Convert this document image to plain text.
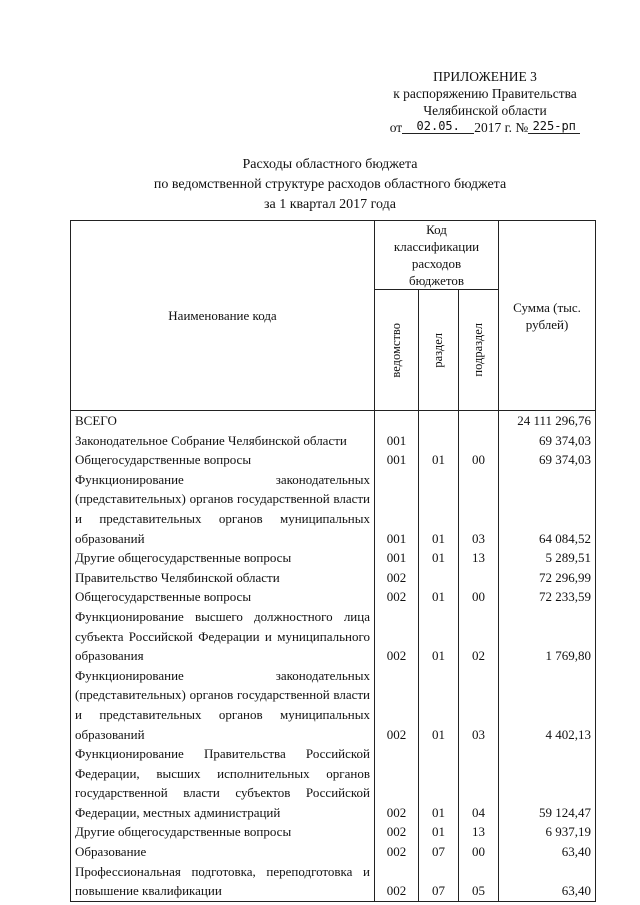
ПРИЛОЖЕНИЕ 3
к распоряжению Правительства
Челябинской области
от	02.05.	2017 г. № 225-рп
Расходы областного бюджета
по ведомственной структуре расходов областного бюджета
за 1 квартал 2017 года
Наименование кода	Код классификации расходов бюджетов			Сумма (тыс. рублей)

	ведомство	раздел	подраздел	

ВСЕГО				24 111 296,76
Законодательное Собрание Челябинской области	001			69 374,03
Общегосударственные вопросы	001	01	00	69 374,03
Функционирование законодательных (представительных) органов государственной власти и представительных органов муниципальных образований	001	01	03	64 084,52
Другие общегосударственные вопросы	001	01	13	5 289,51
Правительство Челябинской области	002			72 296,99
Общегосударственные вопросы	002	01	00	72 233,59
Функционирование высшего должностного лица субъекта Российской Федерации и муниципального образования	002	01	02	1 769,80
Функционирование законодательных (представительных) органов государственной власти и представительных органов муниципальных образований	002	01	03	4 402,13
Функционирование Правительства Российской Федерации, высших исполнительных органов государственной власти субъектов Российской Федерации, местных администраций	002	01	04	59 124,47
Другие общегосударственные вопросы	002	01	13	6 937,19
Образование	002	07	00	63,40
Профессиональная подготовка, переподготовка и повышение квалификации	002	07	05	63,40
